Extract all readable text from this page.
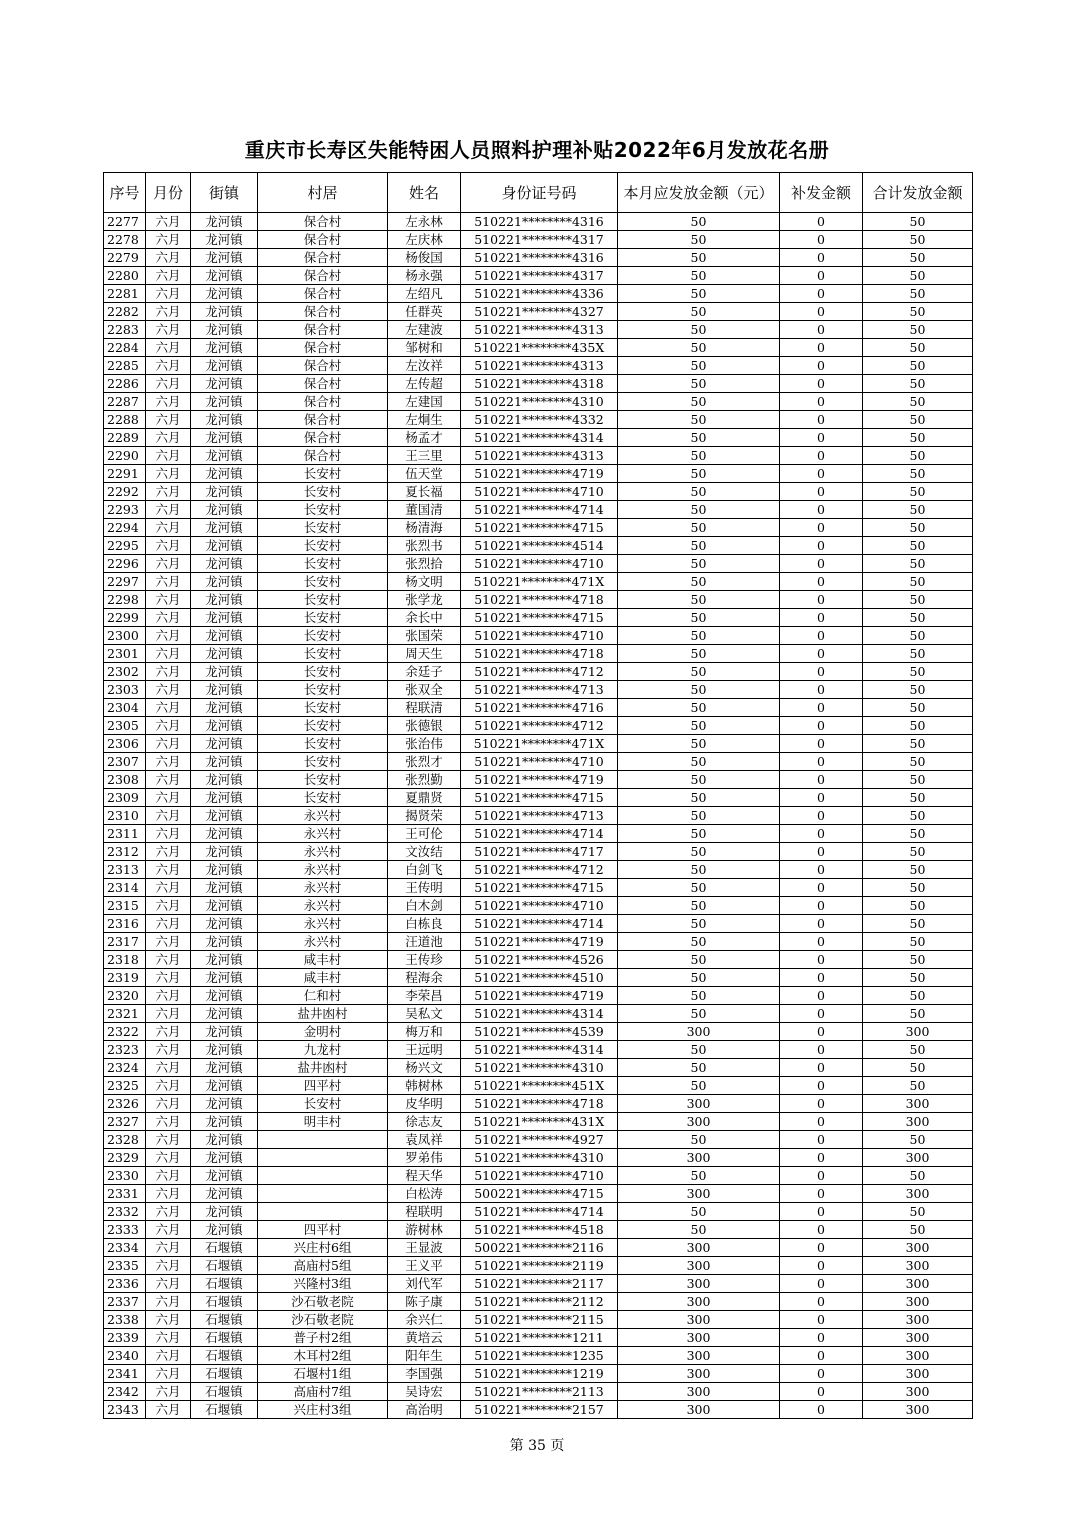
重庆市长寿区失能特困人员照料护理补贴2022年6月发放花名册
序号	月份	街镇	村居	姓名	身份证号码	本月应发放金额（元）	补发金额	合计发放金额
2277	六月	龙河镇	保合村	左永林	510221********4316	50	0	50
2278	六月	龙河镇	保合村	左庆林	510221********4317	50	0	50
2279	六月	龙河镇	保合村	杨俊国	510221********4316	50	0	50
2280	六月	龙河镇	保合村	杨永强	510221********4317	50	0	50
2281	六月	龙河镇	保合村	左绍凡	510221********4336	50	0	50
2282	六月	龙河镇	保合村	任群英	510221********4327	50	0	50
2283	六月	龙河镇	保合村	左建波	510221********4313	50	0	50
2284	六月	龙河镇	保合村	邹树和	510221********435X	50	0	50
2285	六月	龙河镇	保合村	左汝祥	510221********4313	50	0	50
2286	六月	龙河镇	保合村	左传超	510221********4318	50	0	50
2287	六月	龙河镇	保合村	左建国	510221********4310	50	0	50
2288	六月	龙河镇	保合村	左炯生	510221********4332	50	0	50
2289	六月	龙河镇	保合村	杨孟才	510221********4314	50	0	50
2290	六月	龙河镇	保合村	王三里	510221********4313	50	0	50
2291	六月	龙河镇	长安村	伍天堂	510221********4719	50	0	50
2292	六月	龙河镇	长安村	夏长福	510221********4710	50	0	50
2293	六月	龙河镇	长安村	董国清	510221********4714	50	0	50
2294	六月	龙河镇	长安村	杨清海	510221********4715	50	0	50
2295	六月	龙河镇	长安村	张烈书	510221********4514	50	0	50
2296	六月	龙河镇	长安村	张烈拾	510221********4710	50	0	50
2297	六月	龙河镇	长安村	杨文明	510221********471X	50	0	50
2298	六月	龙河镇	长安村	张学龙	510221********4718	50	0	50
2299	六月	龙河镇	长安村	余长中	510221********4715	50	0	50
2300	六月	龙河镇	长安村	张国荣	510221********4710	50	0	50
2301	六月	龙河镇	长安村	周天生	510221********4718	50	0	50
2302	六月	龙河镇	长安村	余廷子	510221********4712	50	0	50
2303	六月	龙河镇	长安村	张双全	510221********4713	50	0	50
2304	六月	龙河镇	长安村	程联清	510221********4716	50	0	50
2305	六月	龙河镇	长安村	张德银	510221********4712	50	0	50
2306	六月	龙河镇	长安村	张治伟	510221********471X	50	0	50
2307	六月	龙河镇	长安村	张烈才	510221********4710	50	0	50
2308	六月	龙河镇	长安村	张烈勤	510221********4719	50	0	50
2309	六月	龙河镇	长安村	夏鼎贤	510221********4715	50	0	50
2310	六月	龙河镇	永兴村	揭贤荣	510221********4713	50	0	50
2311	六月	龙河镇	永兴村	王可伦	510221********4714	50	0	50
2312	六月	龙河镇	永兴村	文汝结	510221********4717	50	0	50
2313	六月	龙河镇	永兴村	白剑飞	510221********4712	50	0	50
2314	六月	龙河镇	永兴村	王传明	510221********4715	50	0	50
2315	六月	龙河镇	永兴村	白木剑	510221********4710	50	0	50
2316	六月	龙河镇	永兴村	白栋良	510221********4714	50	0	50
2317	六月	龙河镇	永兴村	汪道池	510221********4719	50	0	50
2318	六月	龙河镇	咸丰村	王传珍	510221********4526	50	0	50
2319	六月	龙河镇	咸丰村	程海余	510221********4510	50	0	50
2320	六月	龙河镇	仁和村	李荣昌	510221********4719	50	0	50
2321	六月	龙河镇	盐井凼村	吴私文	510221********4314	50	0	50
2322	六月	龙河镇	金明村	梅万和	510221********4539	300	0	300
2323	六月	龙河镇	九龙村	王远明	510221********4314	50	0	50
2324	六月	龙河镇	盐井凼村	杨兴文	510221********4310	50	0	50
2325	六月	龙河镇	四平村	韩树林	510221********451X	50	0	50
2326	六月	龙河镇	长安村	皮华明	510221********4718	300	0	300
2327	六月	龙河镇	明丰村	徐志友	510221********431X	300	0	300
2328	六月	龙河镇		袁凤祥	510221********4927	50	0	50
2329	六月	龙河镇		罗弟伟	510221********4310	300	0	300
2330	六月	龙河镇		程天华	510221********4710	50	0	50
2331	六月	龙河镇		白松涛	500221********4715	300	0	300
2332	六月	龙河镇		程联明	510221********4714	50	0	50
2333	六月	龙河镇	四平村	游树林	510221********4518	50	0	50
2334	六月	石堰镇	兴庄村6组	王显波	500221********2116	300	0	300
2335	六月	石堰镇	高庙村5组	王义平	510221********2119	300	0	300
2336	六月	石堰镇	兴隆村3组	刘代军	510221********2117	300	0	300
2337	六月	石堰镇	沙石敬老院	陈子康	510221********2112	300	0	300
2338	六月	石堰镇	沙石敬老院	余兴仁	510221********2115	300	0	300
2339	六月	石堰镇	普子村2组	黄培云	510221********1211	300	0	300
2340	六月	石堰镇	木耳村2组	阳年生	510221********1235	300	0	300
2341	六月	石堰镇	石堰村1组	李国强	510221********1219	300	0	300
2342	六月	石堰镇	高庙村7组	吴诗宏	510221********2113	300	0	300
2343	六月	石堰镇	兴庄村3组	高治明	510221********2157	300	0	300
第 35 页
